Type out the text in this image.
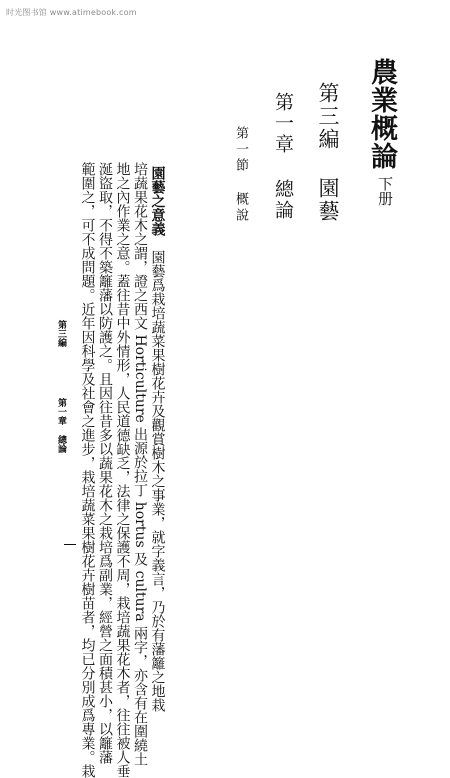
时光图书馆 www.atimebook.com
農業概論
下册
第三編 園藝
第一章 總論
第一節 概說

園藝之意義　園藝爲栽培蔬菜果樹花卉及觀賞樹木之事業，就字義言，乃於有藩籬之地栽

培蔬果花木之謂，證之西文 Horticulture 出源於拉丁 hortus 及 cultura 兩字，亦含有在圍繞土

地之內作業之意。蓋往昔中外情形，人民道德缺乏，法律之保護不周，栽培蔬果花木者，往往被人垂

涎盜取，不得不築籬藩以防護之。且因往昔多以蔬果花木之栽培爲副業，經營之面積甚小，以籬藩

範圍之，可不成問題。近年因科學及社會之進步，栽培蔬菜果樹花卉樹苗者，均已分別成爲專業。栽

第三編
第一章 總論
